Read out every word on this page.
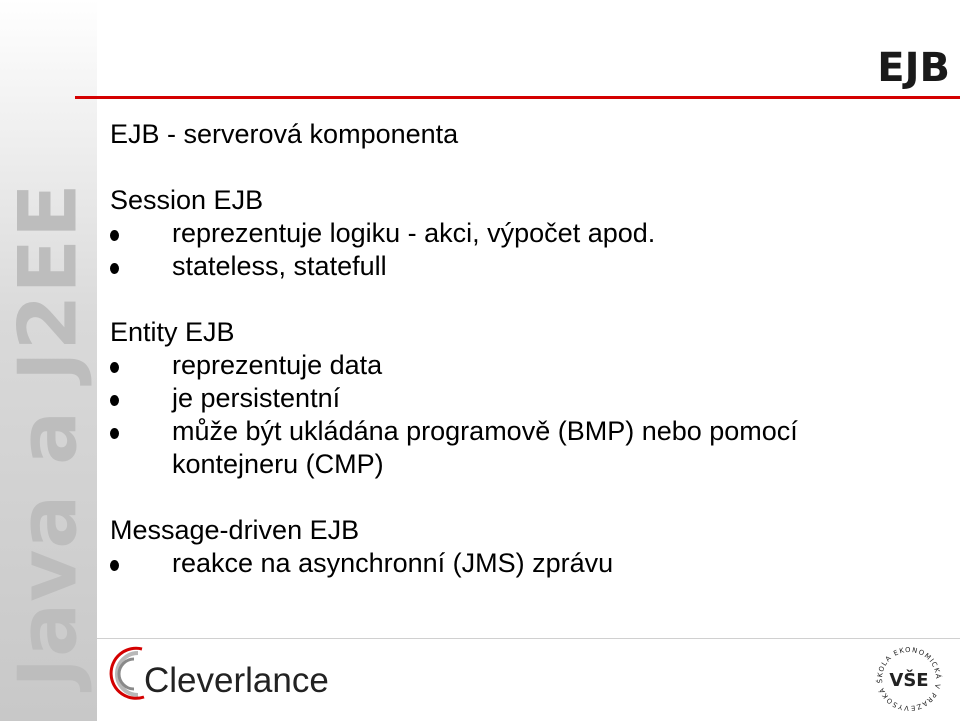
Java a J2EE
EJB
EJB - serverová komponenta
Session EJB
reprezentuje logiku - akci, výpočet apod.
stateless, statefull
Entity EJB
reprezentuje data
je persistentní
může být ukládána programově (BMP) nebo pomocí
kontejneru (CMP)
Message-driven EJB
reakce na asynchronní (JMS) zprávu
Cleverlance
VYSOKÁ ŠKOLA EKONOMICKÁ V PRAZE
VŠE
